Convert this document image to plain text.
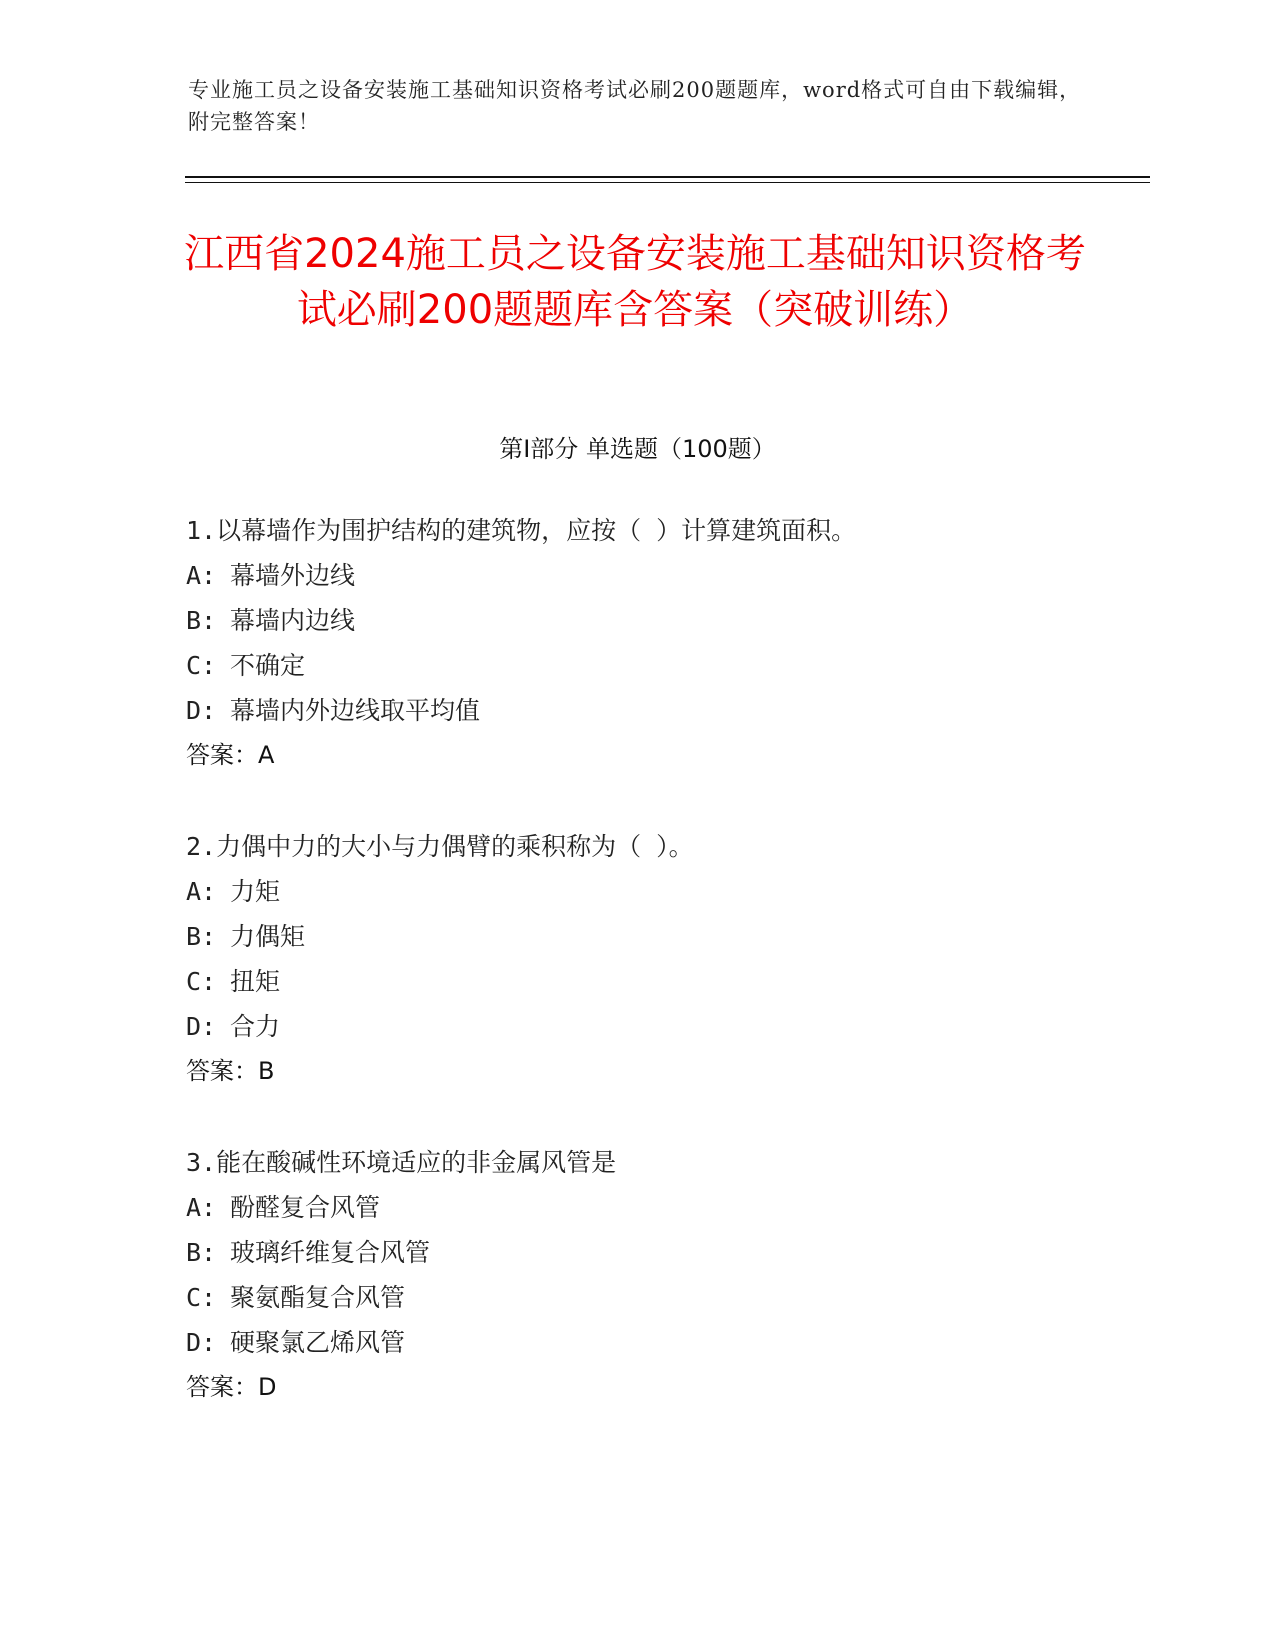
专业施工员之设备安装施工基础知识资格考试必刷200题题库，word格式可自由下载编辑，附完整答案！
江西省2024施工员之设备安装施工基础知识资格考试必刷200题题库含答案（突破训练）
第I部分 单选题（100题）
1.以幕墙作为围护结构的建筑物，应按（ ）计算建筑面积。
A: 幕墙外边线
B: 幕墙内边线
C: 不确定
D: 幕墙内外边线取平均值
答案：A
2.力偶中力的大小与力偶臂的乘积称为（ ）。
A: 力矩
B: 力偶矩
C: 扭矩
D: 合力
答案：B
3.能在酸碱性环境适应的非金属风管是
A: 酚醛复合风管
B: 玻璃纤维复合风管
C: 聚氨酯复合风管
D: 硬聚氯乙烯风管
答案：D
